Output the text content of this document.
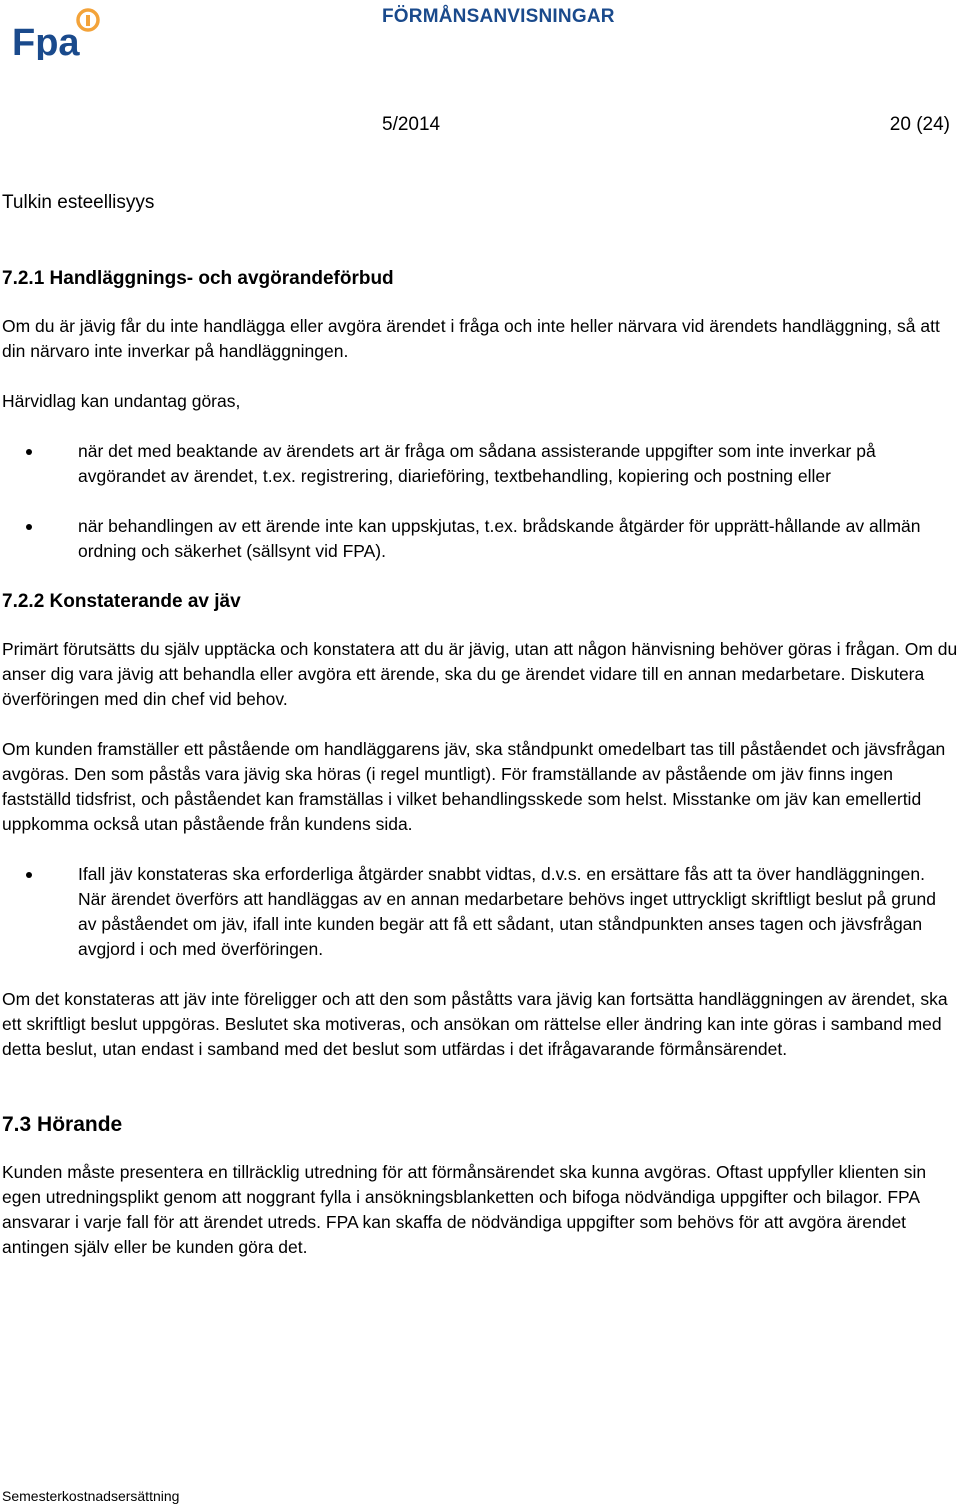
Fpa
FÖRMÅNSANVISNINGAR
5/2014	20 (24)
Tulkin esteellisyys
7.2.1 Handläggnings- och avgörandeförbud

Om du är jävig får du inte handlägga eller avgöra ärendet i fråga och inte heller närvara vid ärendets handläggning, så att din närvaro inte inverkar på handläggningen.

Härvidlag kan undantag göras,

när det med beaktande av ärendets art är fråga om sådana assisterande uppgifter som inte inverkar på avgörandet av ärendet, t.ex. registrering, diarieföring, textbehandling, kopiering och postning eller
när behandlingen av ett ärende inte kan uppskjutas, t.ex. brådskande åtgärder för upprätt-hållande av allmän ordning och säkerhet (sällsynt vid FPA).
7.2.2 Konstaterande av jäv

Primärt förutsätts du själv upptäcka och konstatera att du är jävig, utan att någon hänvisning behöver göras i frågan. Om du anser dig vara jävig att behandla eller avgöra ett ärende, ska du ge ärendet vidare till en annan medarbetare. Diskutera överföringen med din chef vid behov.

Om kunden framställer ett påstående om handläggarens jäv, ska ståndpunkt omedelbart tas till påståendet och jävsfrågan avgöras. Den som påstås vara jävig ska höras (i regel muntligt). För framställande av påstående om jäv finns ingen fastställd tidsfrist, och påståendet kan framställas i vilket behandlingsskede som helst. Misstanke om jäv kan emellertid uppkomma också utan påstående från kundens sida.

Ifall jäv konstateras ska erforderliga åtgärder snabbt vidtas, d.v.s. en ersättare fås att ta över handläggningen. När ärendet överförs att handläggas av en annan medarbetare behövs inget uttryckligt skriftligt beslut på grund av påståendet om jäv, ifall inte kunden begär att få ett sådant, utan ståndpunkten anses tagen och jävsfrågan avgjord i och med överföringen.

Om det konstateras att jäv inte föreligger och att den som påståtts vara jävig kan fortsätta handläggningen av ärendet, ska ett skriftligt beslut uppgöras. Beslutet ska motiveras, och ansökan om rättelse eller ändring kan inte göras i samband med detta beslut, utan endast i samband med det beslut som utfärdas i det ifrågavarande förmånsärendet.

7.3 Hörande

Kunden måste presentera en tillräcklig utredning för att förmånsärendet ska kunna avgöras. Oftast uppfyller klienten sin egen utredningsplikt genom att noggrant fylla i ansökningsblanketten och bifoga nödvändiga uppgifter och bilagor. FPA ansvarar i varje fall för att ärendet utreds. FPA kan skaffa de nödvändiga uppgifter som behövs för att avgöra ärendet antingen själv eller be kunden göra det.

Semesterkostnadsersättning
